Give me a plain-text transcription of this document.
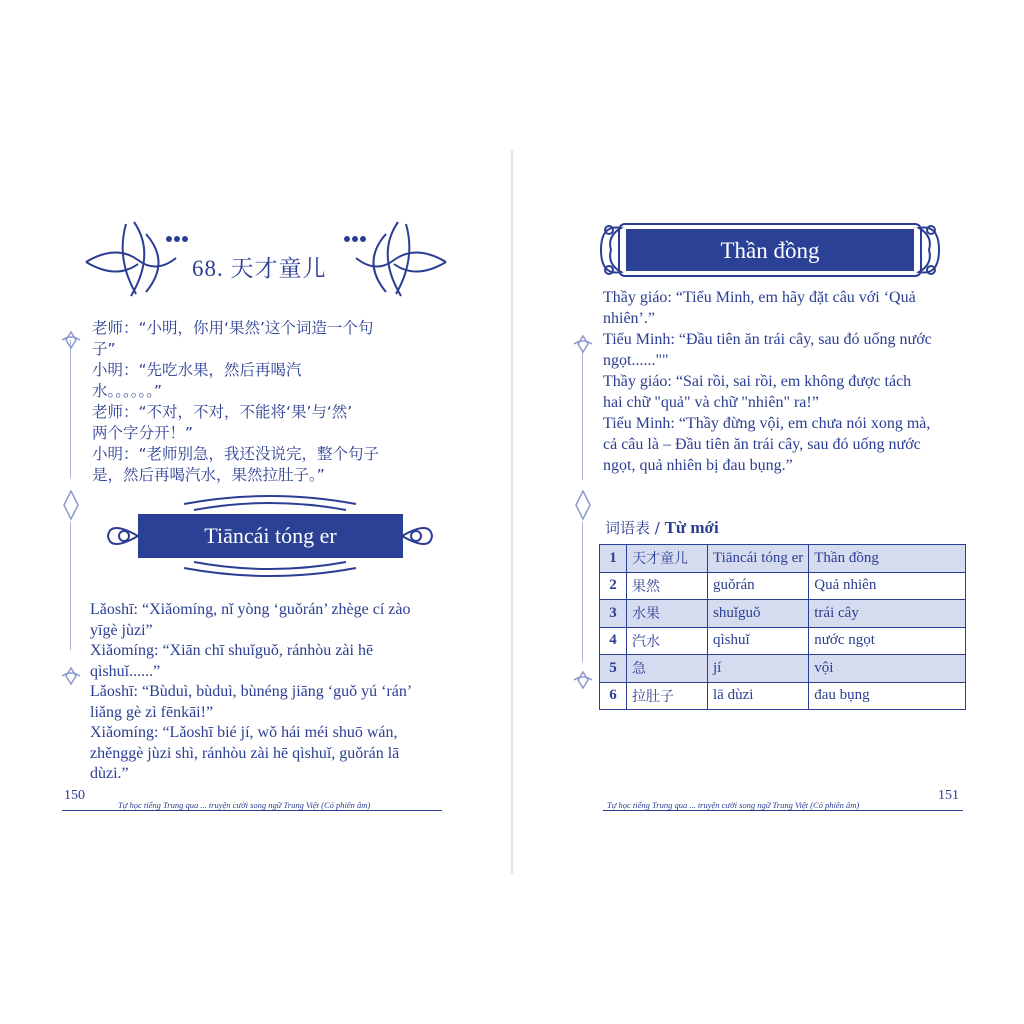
68. 天才童儿
老师：“小明，你用‘果然’这个词造一个句
子”
小明：“先吃水果，然后再喝汽
水。。。。。。”
老师：“不对，不对，不能将‘果’与‘然’
两个字分开！”
小明：“老师别急，我还没说完，整个句子
是，然后再喝汽水，果然拉肚子。”
Tiāncái tóng er
Lǎoshī: “Xiǎomíng, nǐ yòng ‘guǒrán’ zhège cí zào
yīgè jùzi”
Xiǎomíng: “Xiān chī shuǐguǒ, ránhòu zài hē
qìshuǐ......”
Lǎoshī: “Bùduì, bùduì, bùnéng jiāng ‘guǒ yú ‘rán’
liǎng gè zì fēnkāi!”
Xiǎomíng: “Lǎoshī bié jí, wǒ hái méi shuō wán,
zhěnggè jùzi shì, ránhòu zài hē qìshuǐ, guǒrán lā
dùzi.”
150
Tự học tiếng Trung qua ... truyện cười song ngữ Trung Việt (Có phiên âm)
Thần đồng
Thầy giáo: “Tiểu Minh, em hãy đặt câu với ‘Quả
nhiên’.”
Tiểu Minh: “Đầu tiên ăn trái cây, sau đó uống nước
ngọt......""
Thầy giáo: “Sai rồi, sai rồi, em không được tách
hai chữ "quả" và chữ "nhiên" ra!”
Tiểu Minh: “Thầy đừng vội, em chưa nói xong mà,
cả câu là – Đầu tiên ăn trái cây, sau đó uống nước
ngọt, quả nhiên bị đau bụng.”
词语表 / Từ mới
1	天才童儿	Tiāncái tóng er	Thần đồng
2	果然	guǒrán	Quả nhiên
3	水果	shuǐguǒ	trái cây
4	汽水	qìshuǐ	nước ngọt
5	急	jí	vội
6	拉肚子	lā dùzi	đau bụng
Tự học tiếng Trung qua ... truyện cười song ngữ Trung Việt (Có phiên âm)
151
